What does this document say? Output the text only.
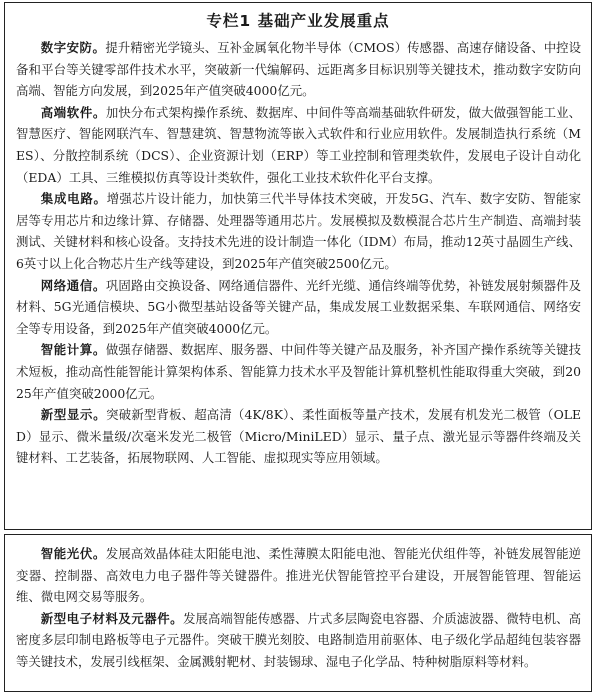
专栏1 基础产业发展重点

数字安防。提升精密光学镜头、互补金属氧化物半导体（CMOS）传感器、高速存储设备、中控设备和平台等关键零部件技术水平，突破新一代编解码、远距离多目标识别等关键技术，推动数字安防向高端、智能方向发展，到2025年产值突破4000亿元。

高端软件。加快分布式架构操作系统、数据库、中间件等高端基础软件研发，做大做强智能工业、智慧医疗、智能网联汽车、智慧建筑、智慧物流等嵌入式软件和行业应用软件。发展制造执行系统（MES）、分散控制系统（DCS）、企业资源计划（ERP）等工业控制和管理类软件，发展电子设计自动化（EDA）工具、三维模拟仿真等设计类软件，强化工业技术软件化平台支撑。

集成电路。增强芯片设计能力，加快第三代半导体技术突破，开发5G、汽车、数字安防、智能家居等专用芯片和边缘计算、存储器、处理器等通用芯片。发展模拟及数模混合芯片生产制造、高端封装测试、关键材料和核心设备。支持技术先进的设计制造一体化（IDM）布局，推动12英寸晶圆生产线、6英寸以上化合物芯片生产线等建设，到2025年产值突破2500亿元。

网络通信。巩固路由交换设备、网络通信器件、光纤光缆、通信终端等优势，补链发展射频器件及材料、5G光通信模块、5G小微型基站设备等关键产品，集成发展工业数据采集、车联网通信、网络安全等专用设备，到2025年产值突破4000亿元。

智能计算。做强存储器、数据库、服务器、中间件等关键产品及服务，补齐国产操作系统等关键技术短板，推动高性能智能计算架构体系、智能算力技术水平及智能计算机整机性能取得重大突破，到2025年产值突破2000亿元。

新型显示。突破新型背板、超高清（4K/8K）、柔性面板等量产技术，发展有机发光二极管（OLED）显示、微米量级/次毫米发光二极管（Micro/MiniLED）显示、量子点、激光显示等器件终端及关键材料、工艺装备，拓展物联网、人工智能、虚拟现实等应用领域。

智能光伏。发展高效晶体硅太阳能电池、柔性薄膜太阳能电池、智能光伏组件等，补链发展智能逆变器、控制器、高效电力电子器件等关键器件。推进光伏智能管控平台建设，开展智能管理、智能运维、微电网交易等服务。

新型电子材料及元器件。发展高端智能传感器、片式多层陶瓷电容器、介质滤波器、微特电机、高密度多层印制电路板等电子元器件。突破干膜光刻胶、电路制造用前驱体、电子级化学品超纯包装容器等关键技术，发展引线框架、金属溅射靶材、封装锡球、湿电子化学品、特种树脂原料等材料。
